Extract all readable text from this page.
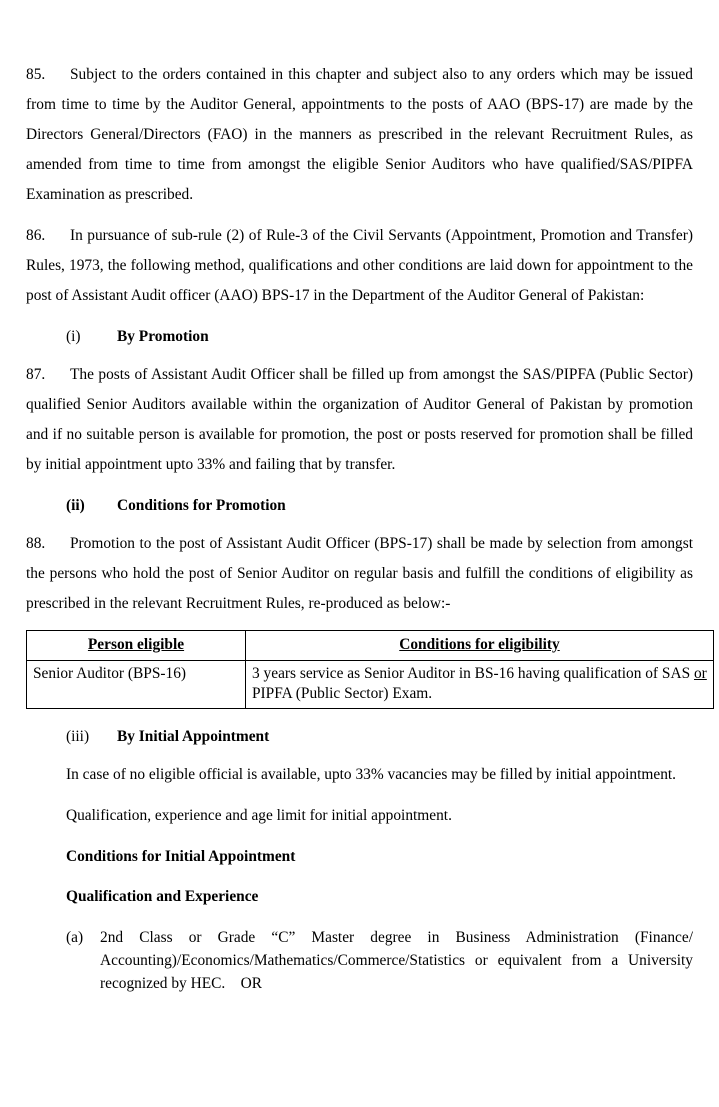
85. Subject to the orders contained in this chapter and subject also to any orders which may be issued from time to time by the Auditor General, appointments to the posts of AAO (BPS-17) are made by the Directors General/Directors (FAO) in the manners as prescribed in the relevant Recruitment Rules, as amended from time to time from amongst the eligible Senior Auditors who have qualified/SAS/PIPFA Examination as prescribed.

86. In pursuance of sub-rule (2) of Rule-3 of the Civil Servants (Appointment, Promotion and Transfer) Rules, 1973, the following method, qualifications and other conditions are laid down for appointment to the post of Assistant Audit officer (AAO) BPS-17 in the Department of the Auditor General of Pakistan:

(i) By Promotion

87. The posts of Assistant Audit Officer shall be filled up from amongst the SAS/PIPFA (Public Sector) qualified Senior Auditors available within the organization of Auditor General of Pakistan by promotion and if no suitable person is available for promotion, the post or posts reserved for promotion shall be filled by initial appointment upto 33% and failing that by transfer.

(ii) Conditions for Promotion

88. Promotion to the post of Assistant Audit Officer (BPS-17) shall be made by selection from amongst the persons who hold the post of Senior Auditor on regular basis and fulfill the conditions of eligibility as prescribed in the relevant Recruitment Rules, re-produced as below:-

Person eligible	Conditions for eligibility
Senior Auditor (BPS-16)	3 years service as Senior Auditor in BS-16 having qualification of SAS or PIPFA (Public Sector) Exam.
(iii) By Initial Appointment

In case of no eligible official is available, upto 33% vacancies may be filled by initial appointment.

Qualification, experience and age limit for initial appointment.

Conditions for Initial Appointment
Qualification and Experience
(a)	2nd Class or Grade “C” Master degree in Business Administration (Finance/ Accounting)/Economics/Mathematics/Commerce/Statistics or equivalent from a University recognized by HEC. OR
